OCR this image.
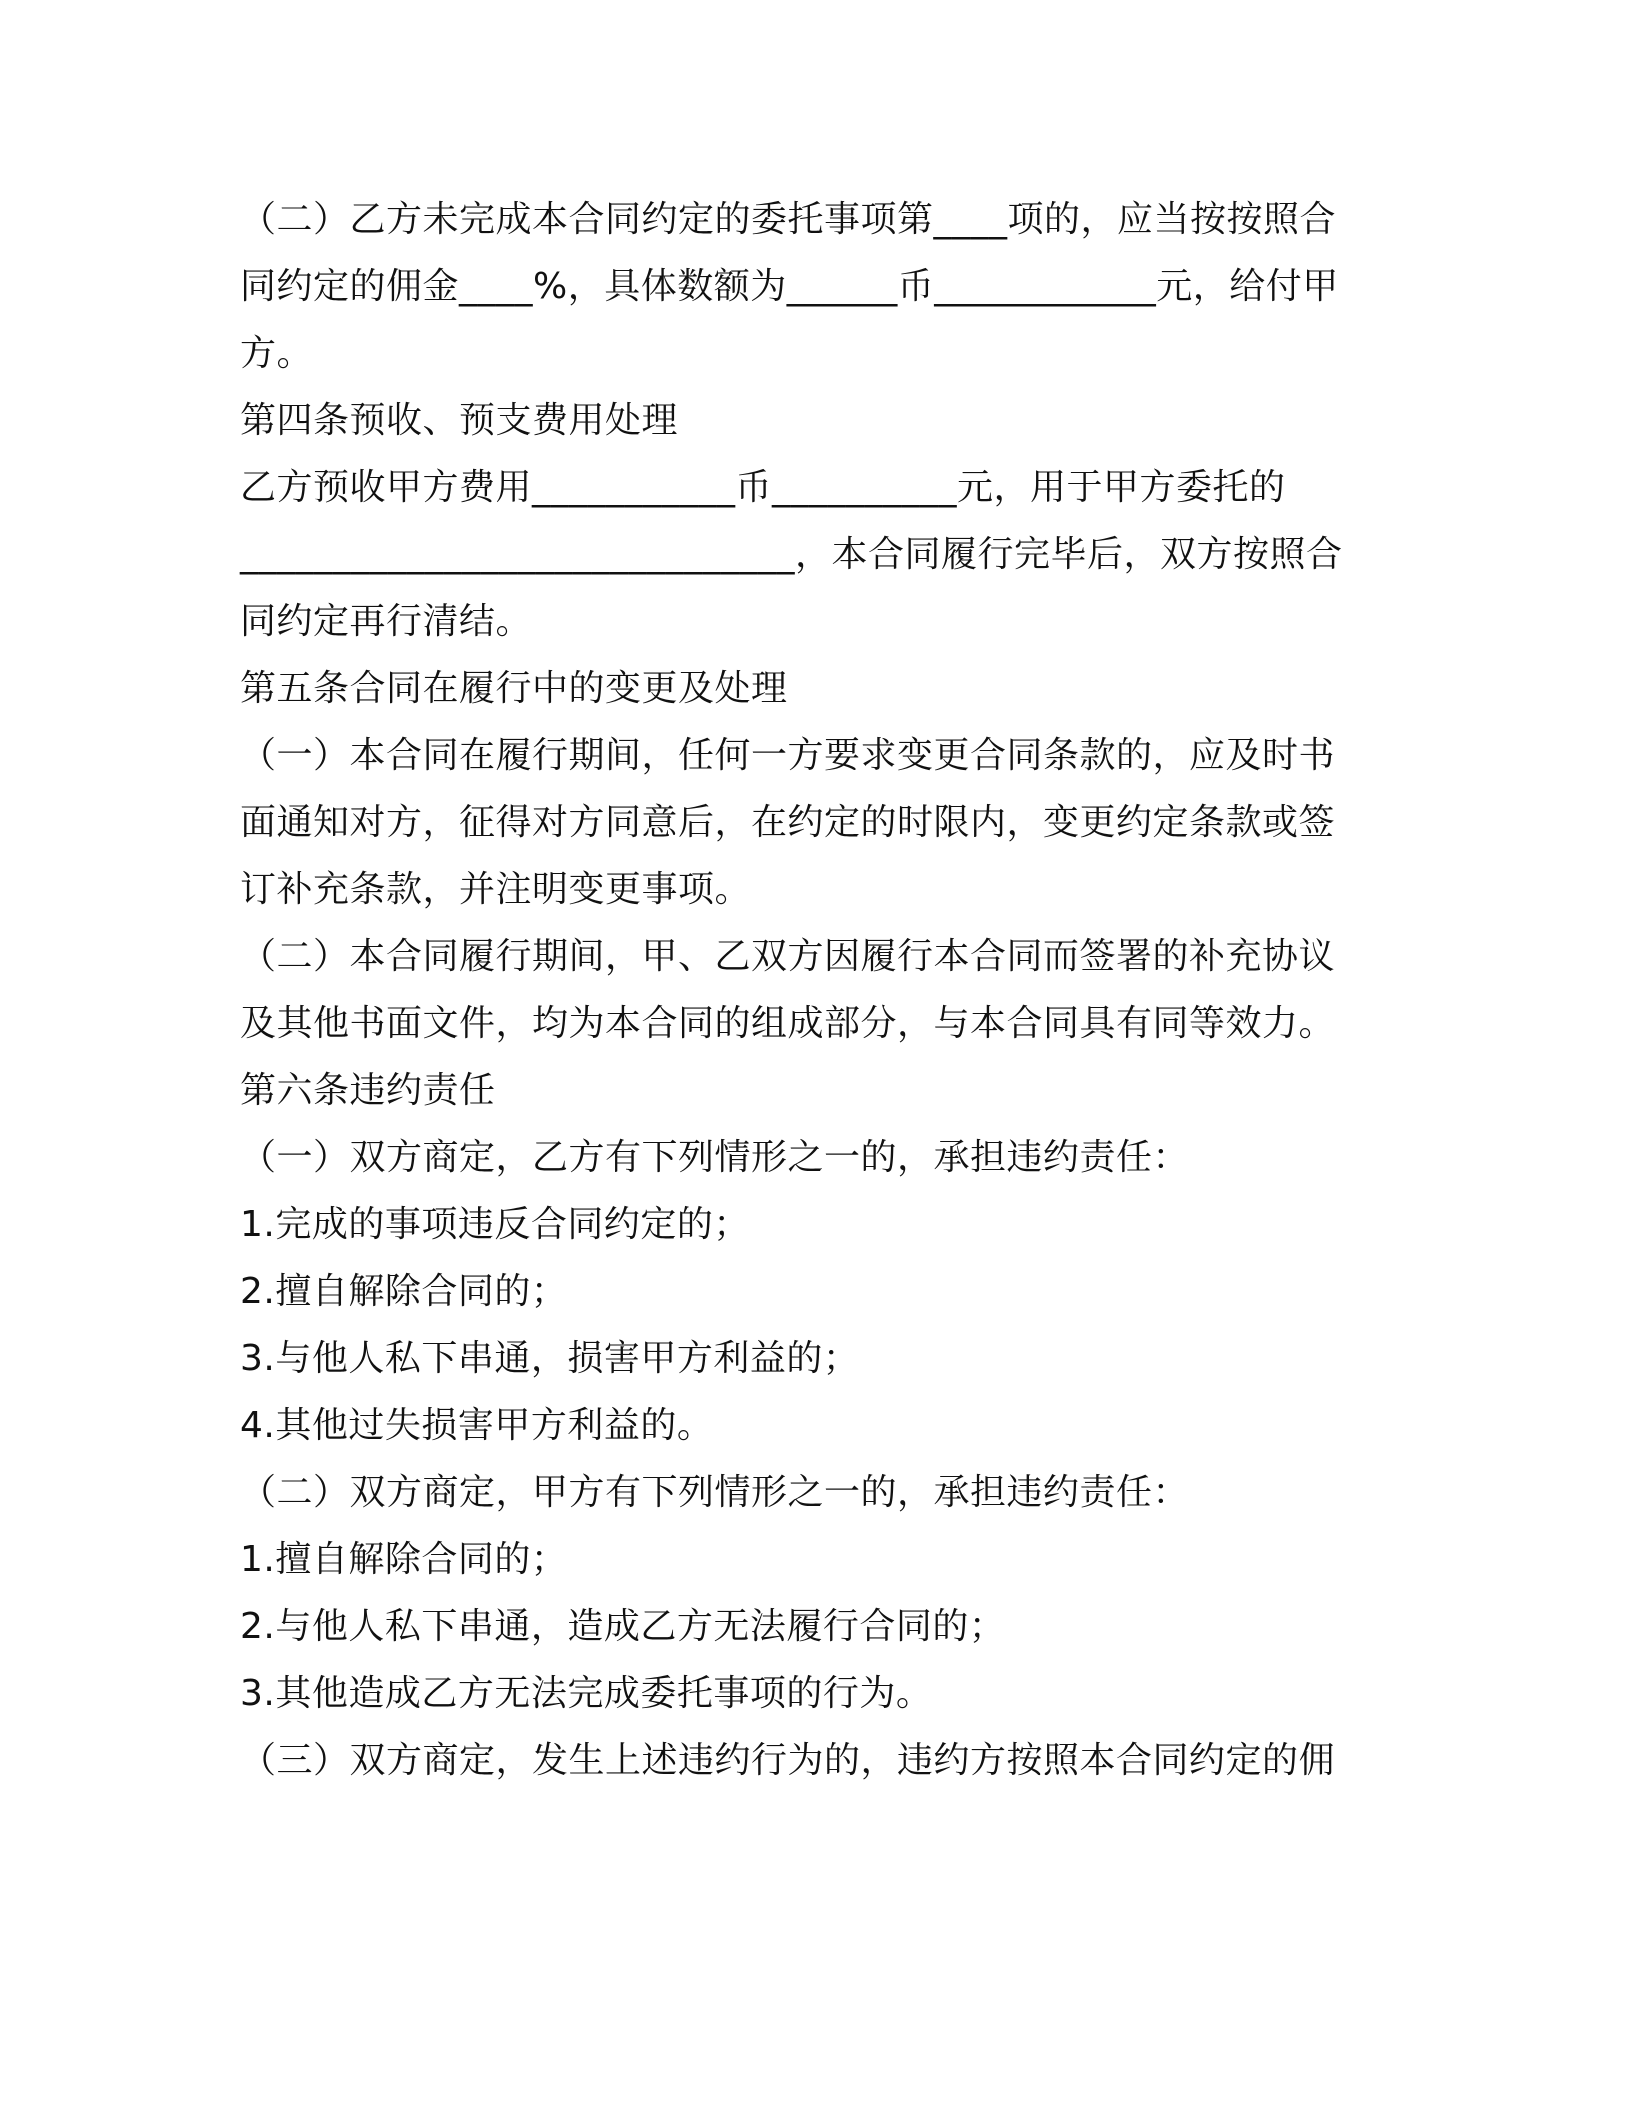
（二）乙方未完成本合同约定的委托事项第____项的，应当按按照合
同约定的佣金____%，具体数额为______币____________元，给付甲
方。
第四条预收、预支费用处理
乙方预收甲方费用___________币__________元，用于甲方委托的
______________________________，本合同履行完毕后，双方按照合
同约定再行清结。
第五条合同在履行中的变更及处理
（一）本合同在履行期间，任何一方要求变更合同条款的，应及时书
面通知对方，征得对方同意后，在约定的时限内，变更约定条款或签
订补充条款，并注明变更事项。
（二）本合同履行期间，甲、乙双方因履行本合同而签署的补充协议
及其他书面文件，均为本合同的组成部分，与本合同具有同等效力。
第六条违约责任
（一）双方商定，乙方有下列情形之一的，承担违约责任：
1.完成的事项违反合同约定的；
2.擅自解除合同的；
3.与他人私下串通，损害甲方利益的；
4.其他过失损害甲方利益的。
（二）双方商定，甲方有下列情形之一的，承担违约责任：
1.擅自解除合同的；
2.与他人私下串通，造成乙方无法履行合同的；
3.其他造成乙方无法完成委托事项的行为。
（三）双方商定，发生上述违约行为的，违约方按照本合同约定的佣
